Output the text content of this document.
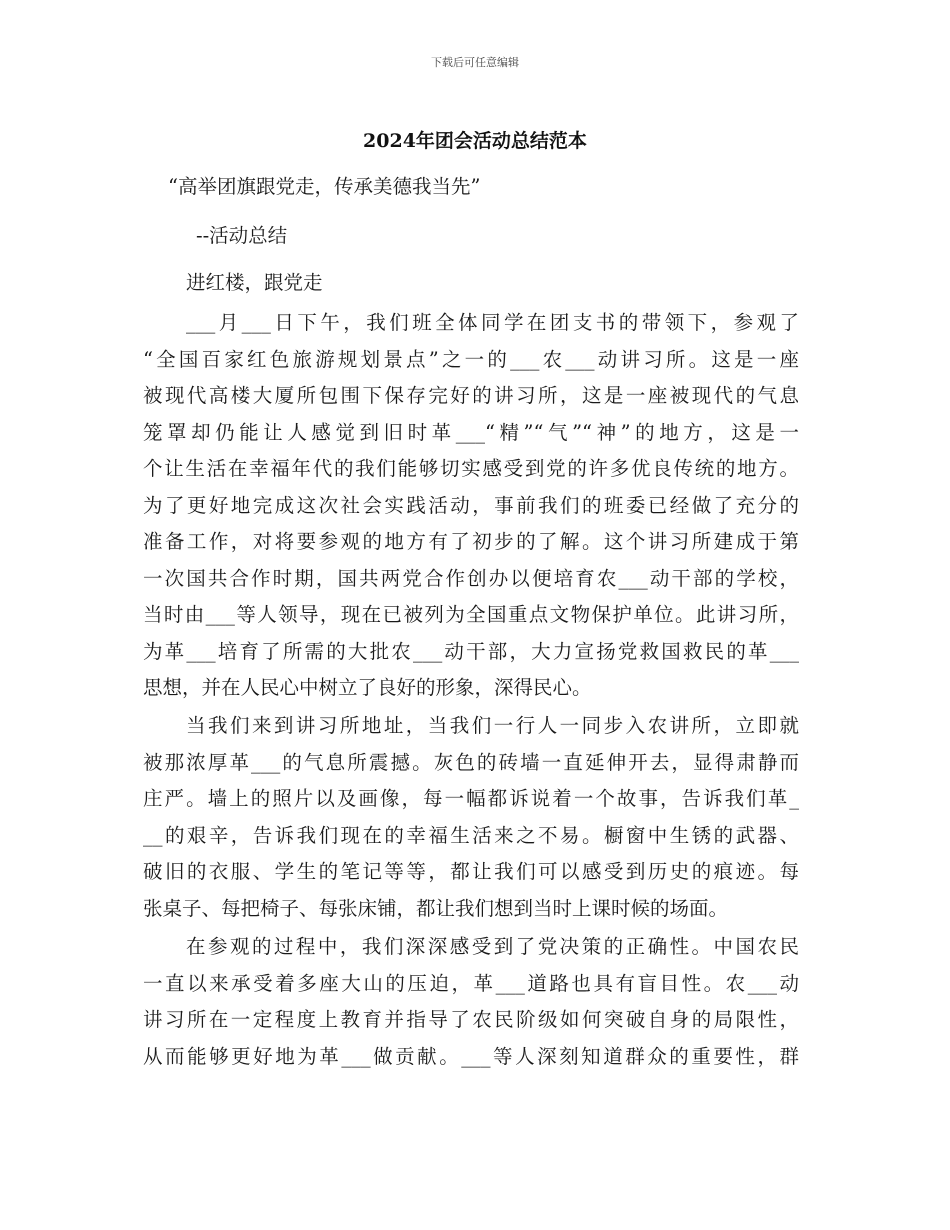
下载后可任意编辑
2024年团会活动总结范本
“高举团旗跟党走，传承美德我当先”
--活动总结
进红楼，跟党走
___月___日下午，我们班全体同学在团支书的带领下，参观了
“全国百家红色旅游规划景点”之一的___农___动讲习所。这是一座
被现代高楼大厦所包围下保存完好的讲习所，这是一座被现代的气息
笼罩却仍能让人感觉到旧时革___“精”“气”“神”的地方，这是一
个让生活在幸福年代的我们能够切实感受到党的许多优良传统的地方。
为了更好地完成这次社会实践活动，事前我们的班委已经做了充分的
准备工作，对将要参观的地方有了初步的了解。这个讲习所建成于第
一次国共合作时期，国共两党合作创办以便培育农___动干部的学校，
当时由___等人领导，现在已被列为全国重点文物保护单位。此讲习所，
为革___培育了所需的大批农___动干部，大力宣扬党救国救民的革___
思想，并在人民心中树立了良好的形象，深得民心。
当我们来到讲习所地址，当我们一行人一同步入农讲所，立即就
被那浓厚革___的气息所震撼。灰色的砖墙一直延伸开去，显得肃静而
庄严。墙上的照片以及画像，每一幅都诉说着一个故事，告诉我们革_
__的艰辛，告诉我们现在的幸福生活来之不易。橱窗中生锈的武器、
破旧的衣服、学生的笔记等等，都让我们可以感受到历史的痕迹。每
张桌子、每把椅子、每张床铺，都让我们想到当时上课时候的场面。
在参观的过程中，我们深深感受到了党决策的正确性。中国农民
一直以来承受着多座大山的压迫，革___道路也具有盲目性。农___动
讲习所在一定程度上教育并指导了农民阶级如何突破自身的局限性，
从而能够更好地为革___做贡献。___等人深刻知道群众的重要性，群
